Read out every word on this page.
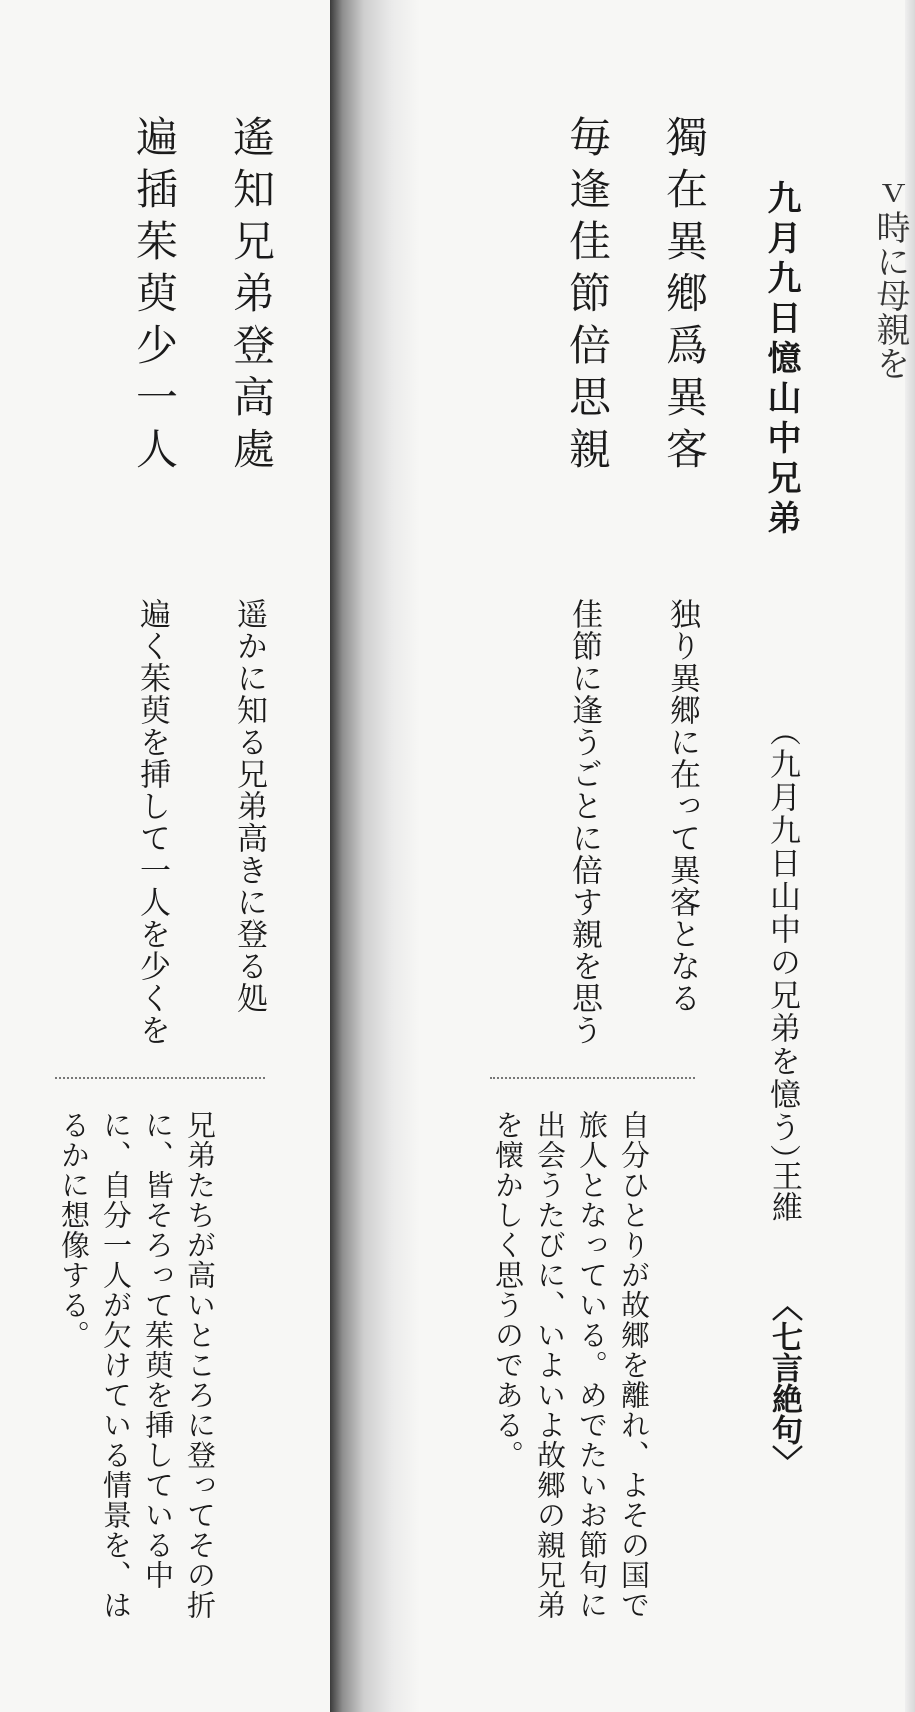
ｖ時に母親を
九月九日憶山中兄弟
（九月九日山中の兄弟を憶う）
王維
〈七言絶句〉
獨在異鄕爲異客
毎逢佳節倍思親
遙知兄弟登高處
遍插茱萸少一人
独り異郷に在って異客となる
佳節に逢うごとに倍す親を思う
遥かに知る兄弟高きに登る処
遍く茱萸を挿して一人を少くを
自分ひとりが故郷を離れ、よその国で旅人となっている。めでたいお節句に出会うたびに、いよいよ故郷の親兄弟を懐かしく思うのである。
兄弟たちが高いところに登ってその折に、皆そろって茱萸を挿している中に、自分一人が欠けている情景を、はるかに想像する。
